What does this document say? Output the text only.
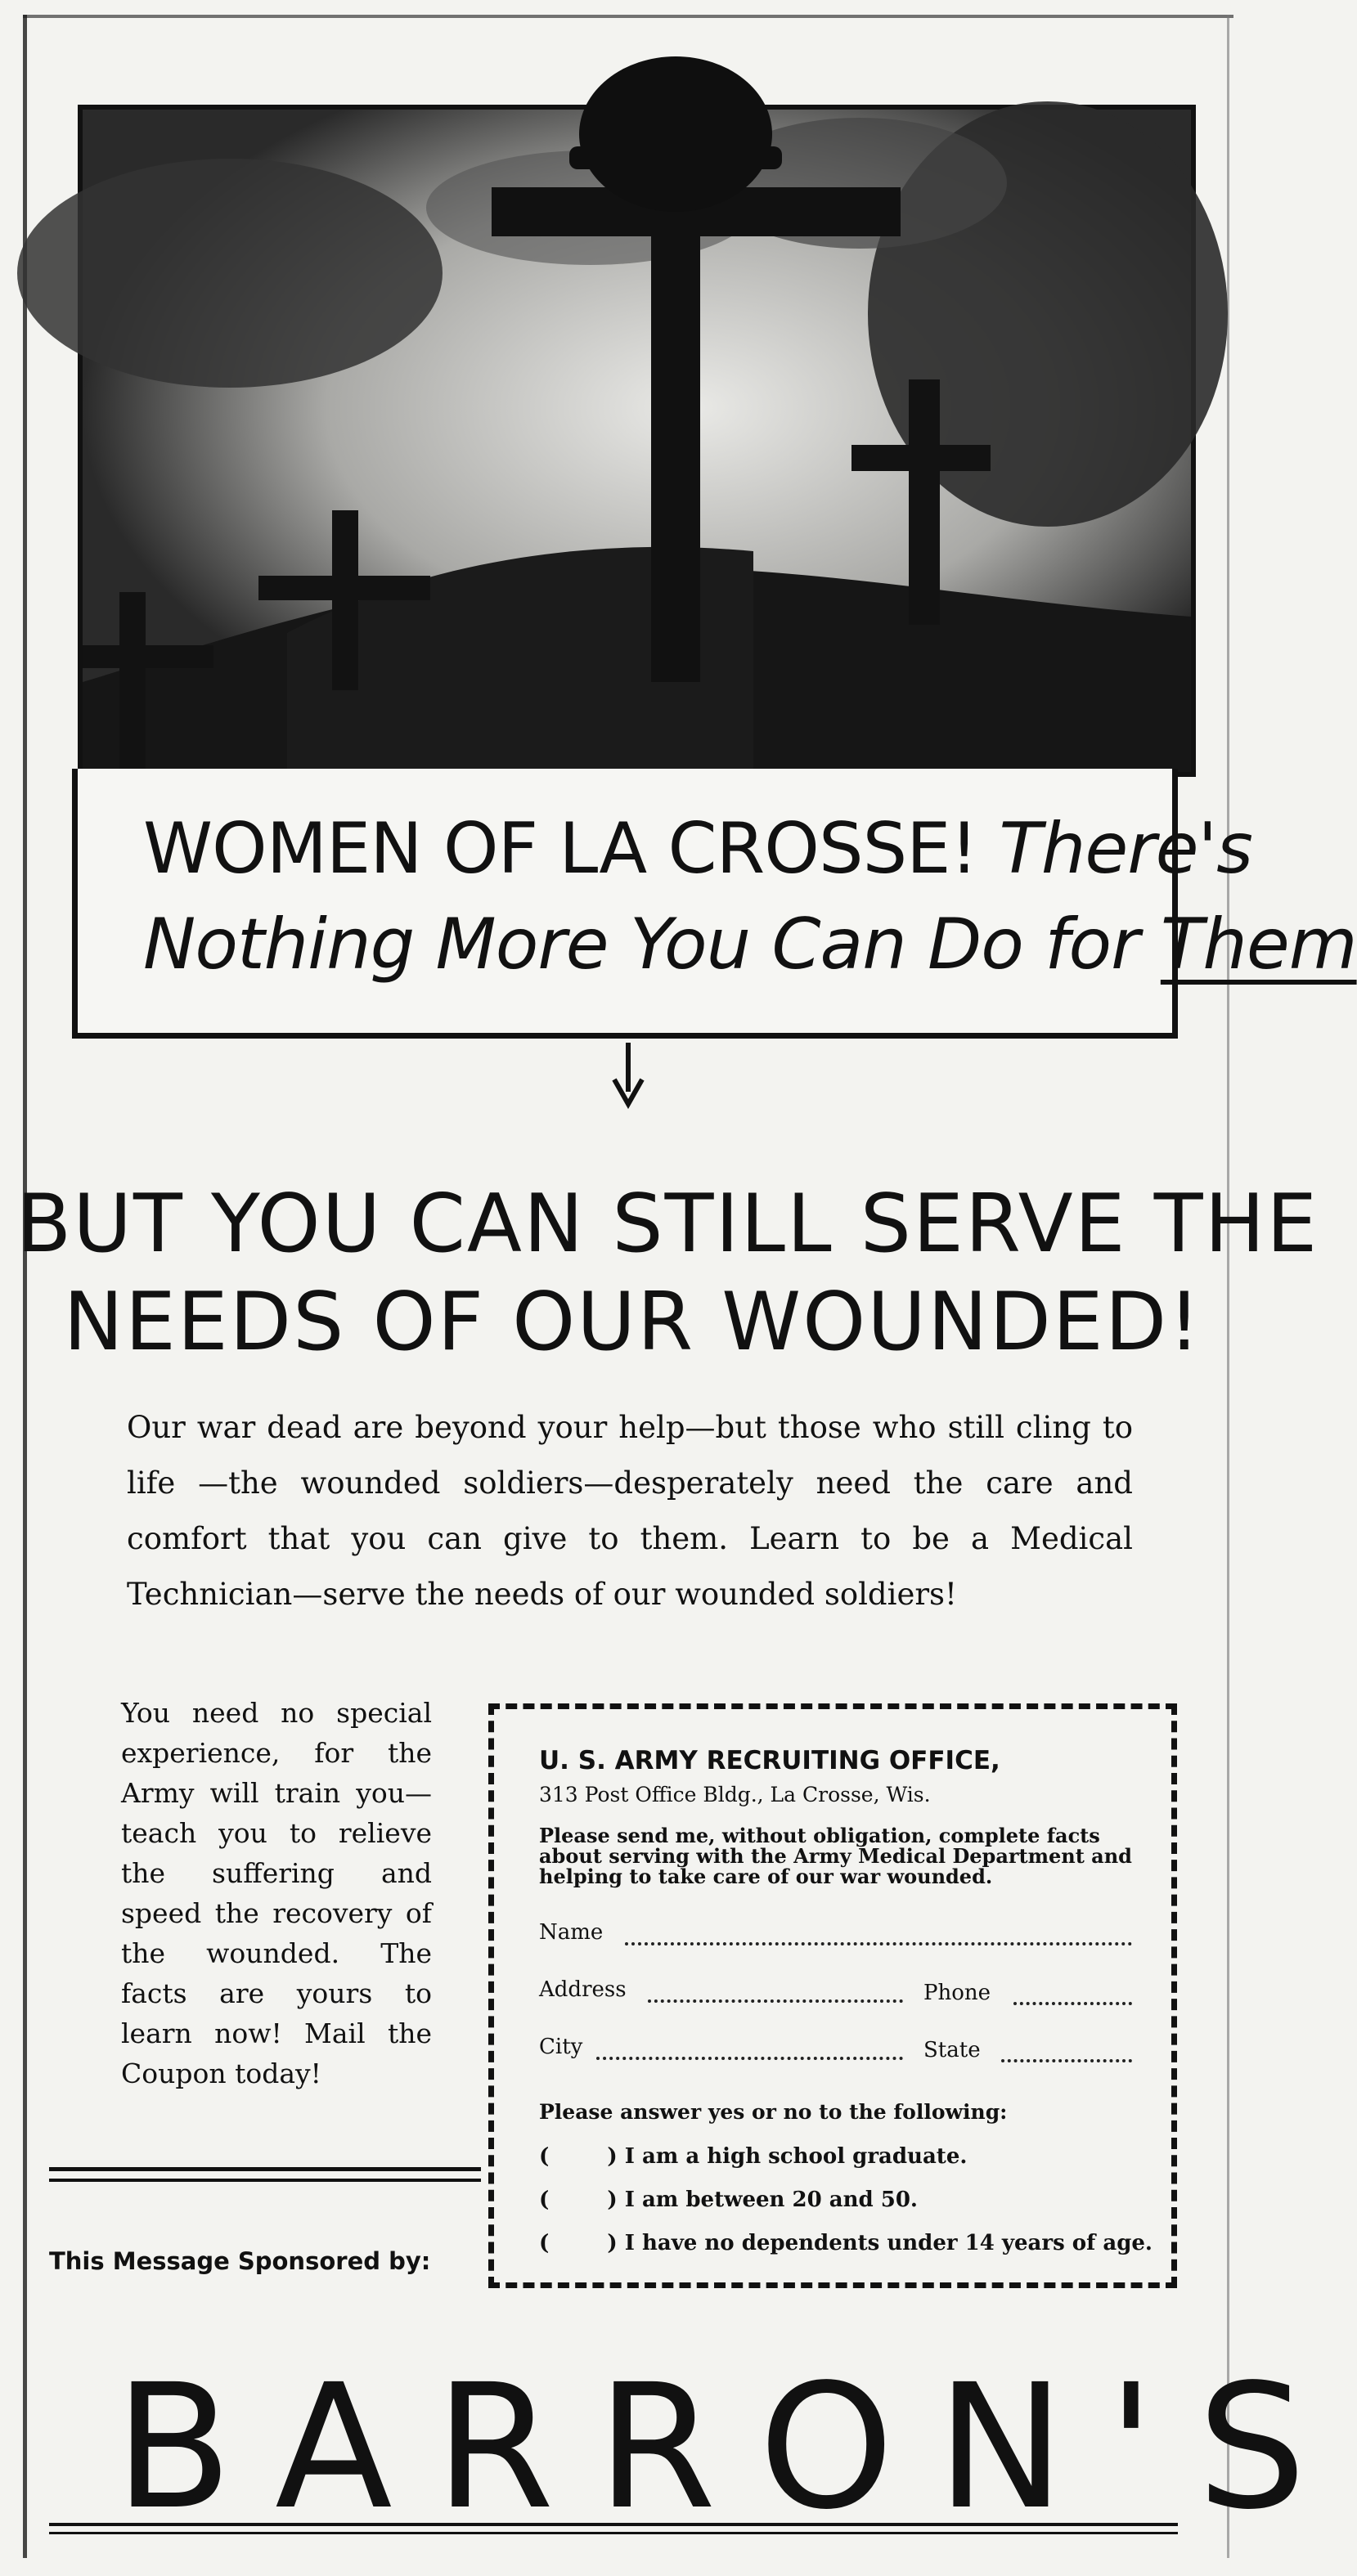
WOMEN OF LA CROSSE! There's
Nothing More You Can Do for Them
BUT YOU CAN STILL SERVE THE
NEEDS OF OUR WOUNDED!
Our war dead are beyond your help—but those who still cling to life —the wounded soldiers—desperately need the care and comfort that you can give to them. Learn to be a Medical Technician—serve the needs of our wounded soldiers!
You need no special experience, for the Army will train you—teach you to relieve the suffering and speed the recovery of the wounded. The facts are yours to learn now! Mail the Coupon today!
U. S. ARMY RECRUITING OFFICE,
313 Post Office Bldg., La Crosse, Wis.
Please send me, without obligation, complete facts about serving with the Army Medical Department and helping to take care of our war wounded.
Name
Address	Phone
City	State
Please answer yes or no to the following:
( ) I am a high school graduate.
( ) I am between 20 and 50.
( ) I have no dependents under 14 years of age.
This Message Sponsored by:
BARRON'S
